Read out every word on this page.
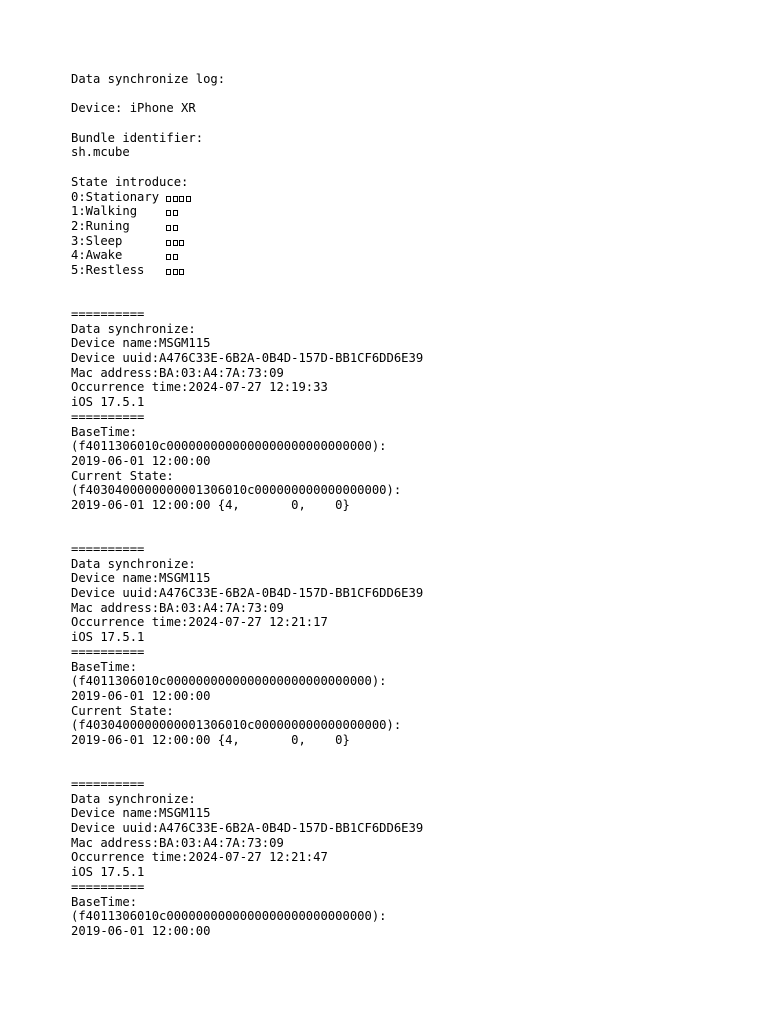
Data synchronize log:
Device: iPhone XR
Bundle identifier:
sh.mcube
State introduce:
0:Stationary
1:Walking
2:Runing
3:Sleep
4:Awake
5:Restless
==========
Data synchronize:
Device name:MSGM115
Device uuid:A476C33E-6B2A-0B4D-157D-BB1CF6DD6E39
Mac address:BA:03:A4:7A:73:09
Occurrence time:2024-07-27 12:19:33
iOS 17.5.1
==========
BaseTime:
(f4011306010c0000000000000000000000000000):
2019-06-01 12:00:00
Current State:
(f4030400000000001306010c000000000000000000):
2019-06-01 12:00:00 {4,       0,    0}
==========
Data synchronize:
Device name:MSGM115
Device uuid:A476C33E-6B2A-0B4D-157D-BB1CF6DD6E39
Mac address:BA:03:A4:7A:73:09
Occurrence time:2024-07-27 12:21:17
iOS 17.5.1
==========
BaseTime:
(f4011306010c0000000000000000000000000000):
2019-06-01 12:00:00
Current State:
(f4030400000000001306010c000000000000000000):
2019-06-01 12:00:00 {4,       0,    0}
==========
Data synchronize:
Device name:MSGM115
Device uuid:A476C33E-6B2A-0B4D-157D-BB1CF6DD6E39
Mac address:BA:03:A4:7A:73:09
Occurrence time:2024-07-27 12:21:47
iOS 17.5.1
==========
BaseTime:
(f4011306010c0000000000000000000000000000):
2019-06-01 12:00:00
